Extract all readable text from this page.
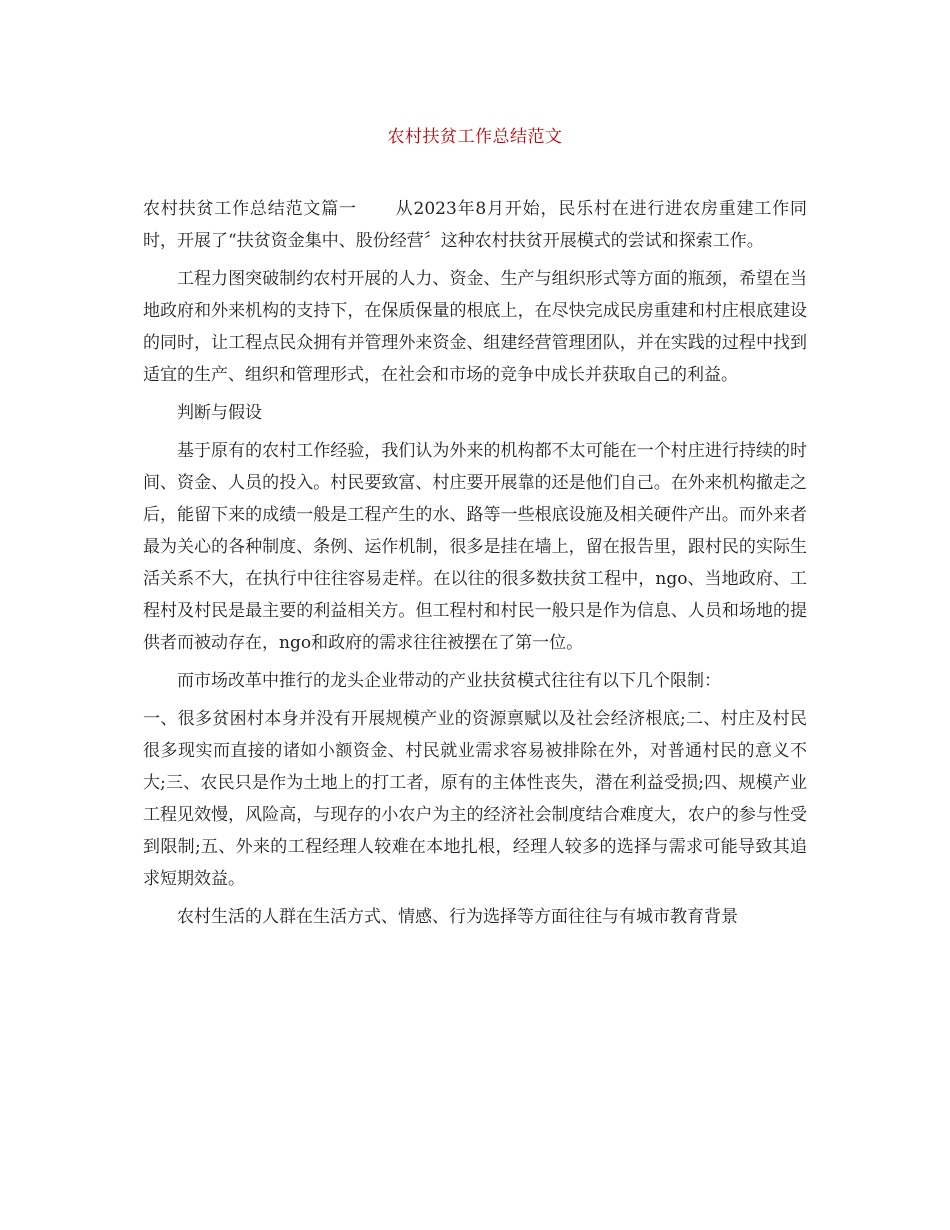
农村扶贫工作总结范文

农村扶贫工作总结范文篇一 从2023年8月开始，民乐村在进行进农房重建工作同时，开展了“扶贫资金集中、股份经营〞这种农村扶贫开展模式的尝试和探索工作。

工程力图突破制约农村开展的人力、资金、生产与组织形式等方面的瓶颈，希望在当地政府和外来机构的支持下，在保质保量的根底上，在尽快完成民房重建和村庄根底建设的同时，让工程点民众拥有并管理外来资金、组建经营管理团队，并在实践的过程中找到适宜的生产、组织和管理形式，在社会和市场的竞争中成长并获取自己的利益。

判断与假设

基于原有的农村工作经验，我们认为外来的机构都不太可能在一个村庄进行持续的时间、资金、人员的投入。村民要致富、村庄要开展靠的还是他们自己。在外来机构撤走之后，能留下来的成绩一般是工程产生的水、路等一些根底设施及相关硬件产出。而外来者最为关心的各种制度、条例、运作机制，很多是挂在墙上，留在报告里，跟村民的实际生活关系不大，在执行中往往容易走样。在以往的很多数扶贫工程中，ngo、当地政府、工程村及村民是最主要的利益相关方。但工程村和村民一般只是作为信息、人员和场地的提供者而被动存在，ngo和政府的需求往往被摆在了第一位。

而市场改革中推行的龙头企业带动的产业扶贫模式往往有以下几个限制：

一、很多贫困村本身并没有开展规模产业的资源禀赋以及社会经济根底;二、村庄及村民很多现实而直接的诸如小额资金、村民就业需求容易被排除在外，对普通村民的意义不大;三、农民只是作为土地上的打工者，原有的主体性丧失，潜在利益受损;四、规模产业工程见效慢，风险高，与现存的小农户为主的经济社会制度结合难度大，农户的参与性受到限制;五、外来的工程经理人较难在本地扎根，经理人较多的选择与需求可能导致其追求短期效益。

农村生活的人群在生活方式、情感、行为选择等方面往往与有城市教育背景
